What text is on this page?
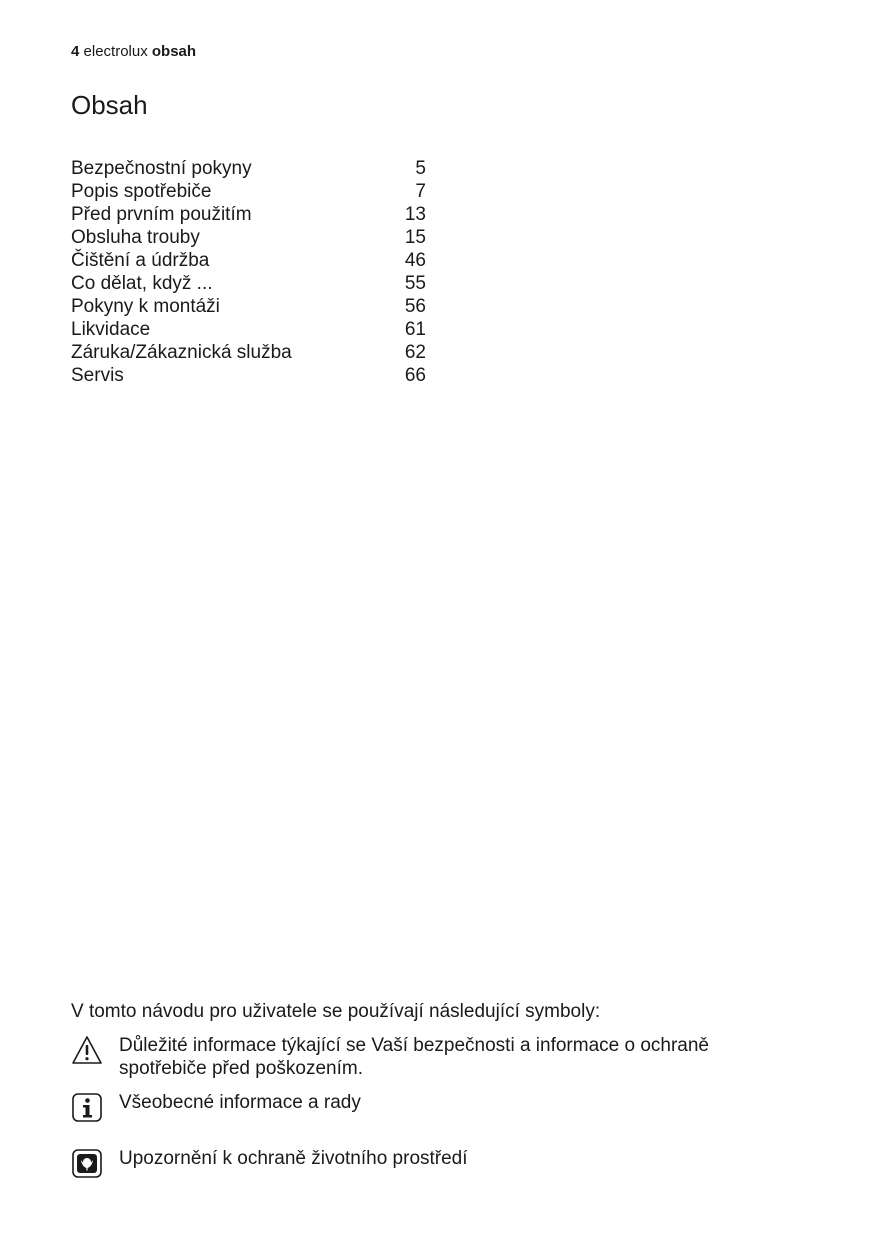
4 electrolux obsah
Obsah
Bezpečnostní pokyny	5
Popis spotřebiče	7
Před prvním použitím	13
Obsluha trouby	15
Čištění a údržba	46
Co dělat, když ...	55
Pokyny k montáži	56
Likvidace	61
Záruka/Zákaznická služba	62
Servis	66
V tomto návodu pro uživatele se používají následující symboly:
Důležité informace týkající se Vaší bezpečnosti a informace o ochraně spotřebiče před poškozením.
Všeobecné informace a rady
Upozornění k ochraně životního prostředí
